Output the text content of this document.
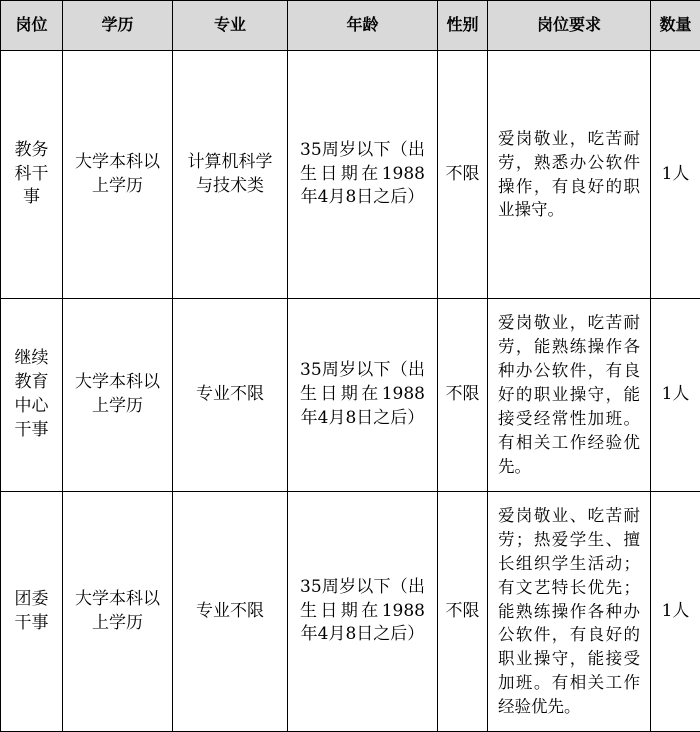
岗位	学历	专业	年龄	性别	岗位要求	数量
教务科干事	大学本科以上学历	计算机科学与技术类	35周岁以下（出生日期在1988年4月8日之后）	不限	爱岗敬业，吃苦耐劳，熟悉办公软件操作，有良好的职业操守。	1人
继续教育中心干事	大学本科以上学历	专业不限	35周岁以下（出生日期在1988年4月8日之后）	不限	爱岗敬业，吃苦耐劳，能熟练操作各种办公软件，有良好的职业操守，能接受经常性加班。有相关工作经验优先。	1人
团委干事	大学本科以上学历	专业不限	35周岁以下（出生日期在1988年4月8日之后）	不限	爱岗敬业、吃苦耐劳；热爱学生、擅长组织学生活动；有文艺特长优先；能熟练操作各种办公软件，有良好的职业操守，能接受加班。有相关工作经验优先。	1人
